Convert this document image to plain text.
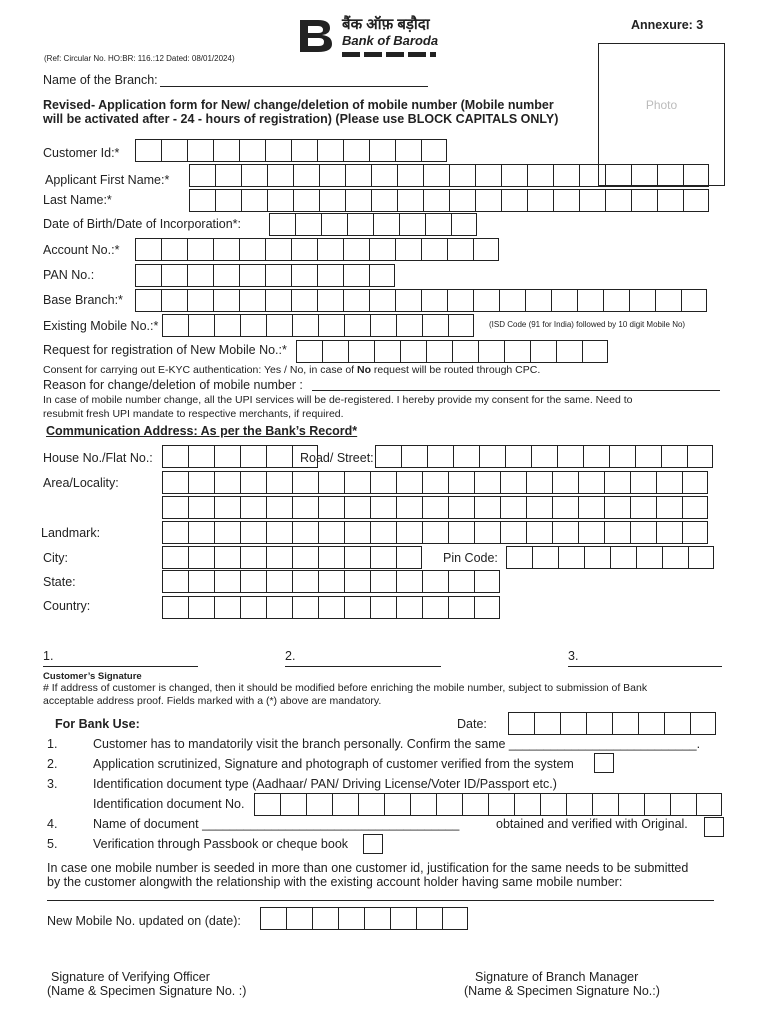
Annexure: 3
बैंक ऑफ़ बड़ौदा
Bank of Baroda
(Ref: Circular No. HO:BR: 116.:12 Dated: 08/01/2024)
Photo
Name of the Branch:
Revised- Application form for New/ change/deletion of mobile number (Mobile number
will be activated after - 24 - hours of registration) (Please use BLOCK CAPITALS ONLY)
Customer Id:*
Applicant First Name:*
Last Name:*
Date of Birth/Date of Incorporation*:
Account No.:*
PAN No.:
Base Branch:*
Existing Mobile No.:*	(ISD Code (91 for India) followed by 10 digit Mobile No)
Request for registration of New Mobile No.:*
Consent for carrying out E-KYC authentication: Yes / No, in case of No request will be routed through CPC.
Reason for change/deletion of mobile number :
In case of mobile number change, all the UPI services will be de-registered. I hereby provide my consent for the same. Need to
resubmit fresh UPI mandate to respective merchants, if required.
Communication Address: As per the Bank’s Record*
House No./Flat No.:	Road/ Street:
Area/Locality:
Landmark:
City:	Pin Code:
State:
Country:
1.	2.	3.
Customer’s Signature
# If address of customer is changed, then it should be modified before enriching the mobile number, subject to submission of Bank
acceptable address proof. Fields marked with a (*) above are mandatory.
For Bank Use:	Date:
1.	Customer has to mandatorily visit the branch personally. Confirm the same ___________________________.
2.	Application scrutinized, Signature and photograph of customer verified from the system
3.	Identification document type (Aadhaar/ PAN/ Driving License/Voter ID/Passport etc.)
Identification document No.
4.	Name of document _____________________________________	obtained and verified with Original.
5.	Verification through Passbook or cheque book
In case one mobile number is seeded in more than one customer id, justification for the same needs to be submitted
by the customer alongwith the relationship with the existing account holder having same mobile number:
New Mobile No. updated on (date):
Signature of Verifying Officer
(Name & Specimen Signature No. :)
Signature of Branch Manager
(Name & Specimen Signature No.:)
